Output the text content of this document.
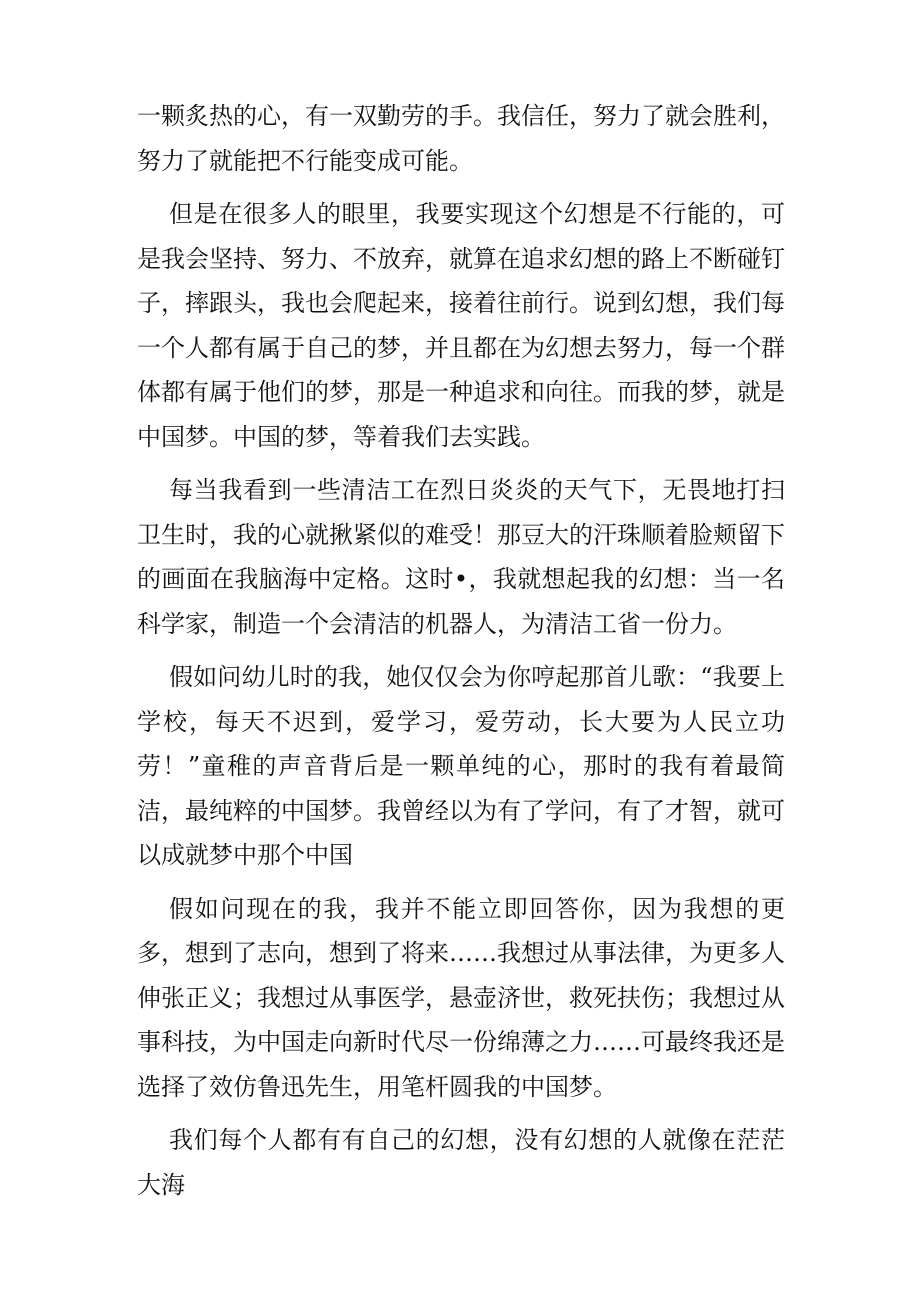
一颗炙热的心，有一双勤劳的手。我信任，努力了就会胜利，努力了就能把不行能变成可能。

但是在很多人的眼里，我要实现这个幻想是不行能的，可是我会坚持、努力、不放弃，就算在追求幻想的路上不断碰钉子，摔跟头，我也会爬起来，接着往前行。说到幻想，我们每一个人都有属于自己的梦，并且都在为幻想去努力，每一个群体都有属于他们的梦，那是一种追求和向往。而我的梦，就是中国梦。中国的梦，等着我们去实践。

每当我看到一些清洁工在烈日炎炎的天气下，无畏地打扫卫生时，我的心就揪紧似的难受！那豆大的汗珠顺着脸颊留下的画面在我脑海中定格。这时•，我就想起我的幻想：当一名科学家，制造一个会清洁的机器人，为清洁工省一份力。

假如问幼儿时的我，她仅仅会为你哼起那首儿歌：“我要上学校，每天不迟到，爱学习，爱劳动，长大要为人民立功劳！”童稚的声音背后是一颗单纯的心，那时的我有着最简洁，最纯粹的中国梦。我曾经以为有了学问，有了才智，就可以成就梦中那个中国

假如问现在的我，我并不能立即回答你，因为我想的更多，想到了志向，想到了将来……我想过从事法律，为更多人伸张正义；我想过从事医学，悬壶济世，救死扶伤；我想过从事科技，为中国走向新时代尽一份绵薄之力……可最终我还是选择了效仿鲁迅先生，用笔杆圆我的中国梦。

我们每个人都有有自己的幻想，没有幻想的人就像在茫茫大海
